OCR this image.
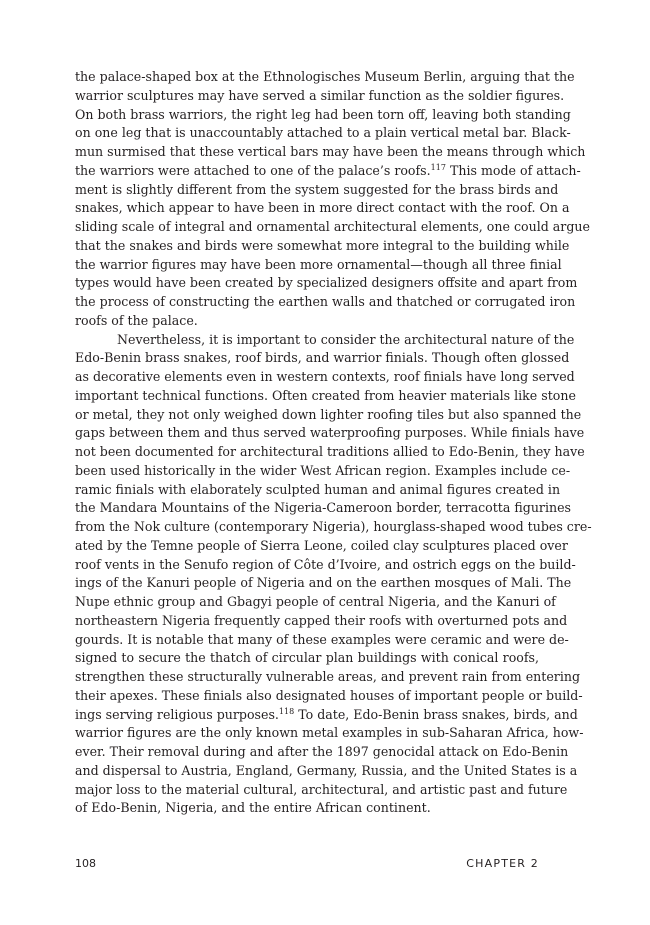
the palace-shaped box at the Ethnologisches Museum Berlin, arguing that the
warrior sculptures may have served a similar function as the soldier figures.
On both brass warriors, the right leg had been torn off, leaving both standing
on one leg that is unaccountably attached to a plain vertical metal bar. Black-
mun surmised that these vertical bars may have been the means through which
the warriors were attached to one of the palace’s roofs.$^{117}$ This mode of attach-
ment is slightly different from the system suggested for the brass birds and
snakes, which appear to have been in more direct contact with the roof. On a
sliding scale of integral and ornamental architectural elements, one could argue
that the snakes and birds were somewhat more integral to the building while
the warrior figures may have been more ornamental—though all three finial
types would have been created by specialized designers offsite and apart from
the process of constructing the earthen walls and thatched or corrugated iron
roofs of the palace.
Nevertheless, it is important to consider the architectural nature of the
Edo-Benin brass snakes, roof birds, and warrior finials. Though often glossed
as decorative elements even in western contexts, roof finials have long served
important technical functions. Often created from heavier materials like stone
or metal, they not only weighed down lighter roofing tiles but also spanned the
gaps between them and thus served waterproofing purposes. While finials have
not been documented for architectural traditions allied to Edo-Benin, they have
been used historically in the wider West African region. Examples include ce-
ramic finials with elaborately sculpted human and animal figures created in
the Mandara Mountains of the Nigeria-Cameroon border, terracotta figurines
from the Nok culture (contemporary Nigeria), hourglass-shaped wood tubes cre-
ated by the Temne people of Sierra Leone, coiled clay sculptures placed over
roof vents in the Senufo region of Côte d’Ivoire, and ostrich eggs on the build-
ings of the Kanuri people of Nigeria and on the earthen mosques of Mali. The
Nupe ethnic group and Gbagyi people of central Nigeria, and the Kanuri of
northeastern Nigeria frequently capped their roofs with overturned pots and
gourds. It is notable that many of these examples were ceramic and were de-
signed to secure the thatch of circular plan buildings with conical roofs,
strengthen these structurally vulnerable areas, and prevent rain from entering
their apexes. These finials also designated houses of important people or build-
ings serving religious purposes.$^{118}$ To date, Edo-Benin brass snakes, birds, and
warrior figures are the only known metal examples in sub-Saharan Africa, how-
ever. Their removal during and after the 1897 genocidal attack on Edo-Benin
and dispersal to Austria, England, Germany, Russia, and the United States is a
major loss to the material cultural, architectural, and artistic past and future
of Edo-Benin, Nigeria, and the entire African continent.
108	CHAPTER 2
